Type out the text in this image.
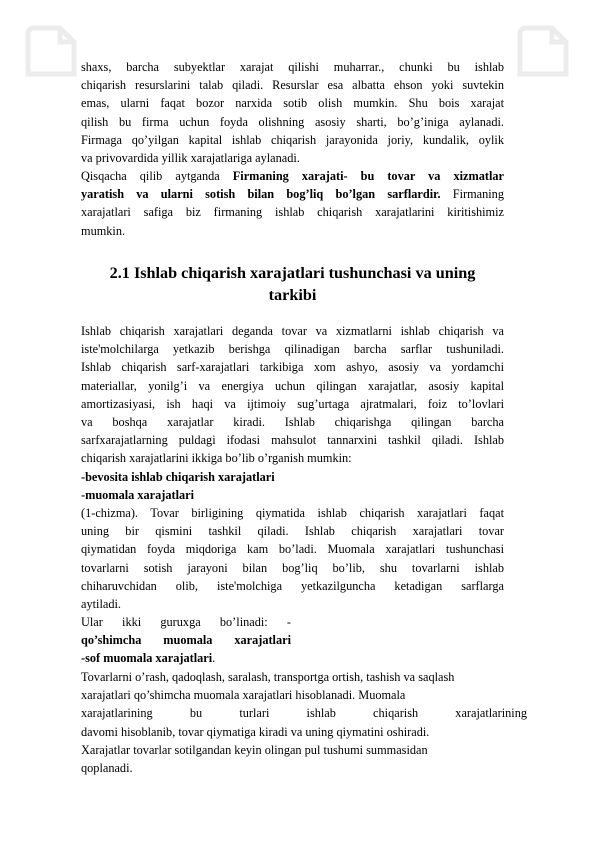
shaxs, barcha subyektlar xarajat qilishi muharrar., chunki bu ishlab
chiqarish resurslarini talab qiladi. Resurslar esa albatta ehson yoki suvtekin
emas, ularni faqat bozor narxida sotib olish mumkin. Shu bois xarajat
qilish bu firma uchun foyda olishning asosiy sharti, bo’g’iniga aylanadi.
Firmaga qo’yilgan kapital ishlab chiqarish jarayonida joriy, kundalik, oylik
va privovardida yillik xarajatlariga aylanadi.
Qisqacha qilib aytganda Firmaning xarajati- bu tovar va xizmatlar
yaratish va ularni sotish bilan bog’liq bo’lgan sarflardir. Firmaning
xarajatlari safiga biz firmaning ishlab chiqarish xarajatlarini kiritishimiz
mumkin.
2.1 Ishlab chiqarish xarajatlari tushunchasi va uning
tarkibi
Ishlab chiqarish xarajatlari deganda tovar va xizmatlarni ishlab chiqarish va
iste'molchilarga yetkazib berishga qilinadigan barcha sarflar tushuniladi.
Ishlab chiqarish sarf-xarajatlari tarkibiga xom ashyo, asosiy va yordamchi
materiallar, yonilg’i va energiya uchun qilingan xarajatlar, asosiy kapital
amortizasiyasi, ish haqi va ijtimoiy sug’urtaga ajratmalari, foiz to’lovlari
va boshqa xarajatlar kiradi. Ishlab chiqarishga qilingan barcha
sarfxarajatlarning puldagi ifodasi mahsulot tannarxini tashkil qiladi. Ishlab
chiqarish xarajatlarini ikkiga bo’lib o’rganish mumkin:
-bevosita ishlab chiqarish xarajatlari
-muomala xarajatlari
(1-chizma). Tovar birligining qiymatida ishlab chiqarish xarajatlari faqat
uning bir qismini tashkil qiladi. Ishlab chiqarish xarajatlari tovar
qiymatidan foyda miqdoriga kam bo’ladi. Muomala xarajatlari tushunchasi
tovarlarni sotish jarayoni bilan bog’liq bo’lib, shu tovarlarni ishlab
chiharuvchidan olib, iste'molchiga yetkazilguncha ketadigan sarflarga
aytiladi.
Ular ikki guruxga bo’linadi: -
qo’shimcha muomala xarajatlari
-sof muomala xarajatlari.
Tovarlarni o’rash, qadoqlash, saralash, transportga ortish, tashish va saqlash
xarajatlari qo’shimcha muomala xarajatlari hisoblanadi. Muomala
xarajatlarining bu turlari ishlab chiqarish xarajatlarining
davomi hisoblanib, tovar qiymatiga kiradi va uning qiymatini oshiradi.
Xarajatlar tovarlar sotilgandan keyin olingan pul tushumi summasidan
qoplanadi.
